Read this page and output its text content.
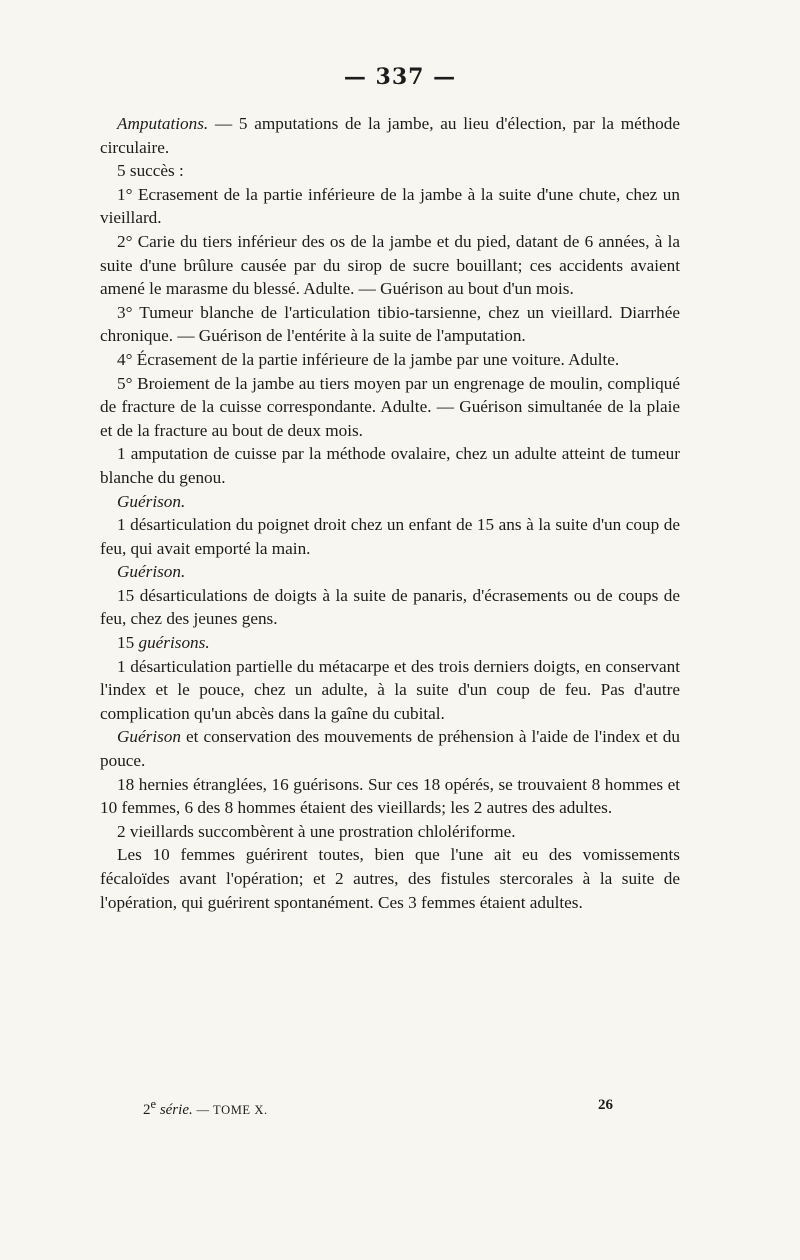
— 337 —

Amputations. — 5 amputations de la jambe, au lieu d'élection, par la méthode circulaire.

5 succès :

1° Ecrasement de la partie inférieure de la jambe à la suite d'une chute, chez un vieillard.

2° Carie du tiers inférieur des os de la jambe et du pied, datant de 6 années, à la suite d'une brûlure causée par du sirop de sucre bouillant; ces accidents avaient amené le marasme du blessé. Adulte. — Guérison au bout d'un mois.

3° Tumeur blanche de l'articulation tibio-tarsienne, chez un vieillard. Diarrhée chronique. — Guérison de l'entérite à la suite de l'amputation.

4° Écrasement de la partie inférieure de la jambe par une voiture. Adulte.

5° Broiement de la jambe au tiers moyen par un engrenage de moulin, compliqué de fracture de la cuisse correspondante. Adulte. — Guérison simultanée de la plaie et de la fracture au bout de deux mois.

1 amputation de cuisse par la méthode ovalaire, chez un adulte atteint de tumeur blanche du genou.

Guérison.

1 désarticulation du poignet droit chez un enfant de 15 ans à la suite d'un coup de feu, qui avait emporté la main.

Guérison.

15 désarticulations de doigts à la suite de panaris, d'écrasements ou de coups de feu, chez des jeunes gens.

15 guérisons.

1 désarticulation partielle du métacarpe et des trois derniers doigts, en conservant l'index et le pouce, chez un adulte, à la suite d'un coup de feu. Pas d'autre complication qu'un abcès dans la gaîne du cubital.

Guérison et conservation des mouvements de préhension à l'aide de l'index et du pouce.

18 hernies étranglées, 16 guérisons. Sur ces 18 opérés, se trouvaient 8 hommes et 10 femmes, 6 des 8 hommes étaient des vieillards; les 2 autres des adultes.

2 vieillards succombèrent à une prostration chlolériforme.

Les 10 femmes guérirent toutes, bien que l'une ait eu des vomissements fécaloïdes avant l'opération; et 2 autres, des fistules stercorales à la suite de l'opération, qui guérirent spontanément. Ces 3 femmes étaient adultes.

2e série. — TOME X.	26
